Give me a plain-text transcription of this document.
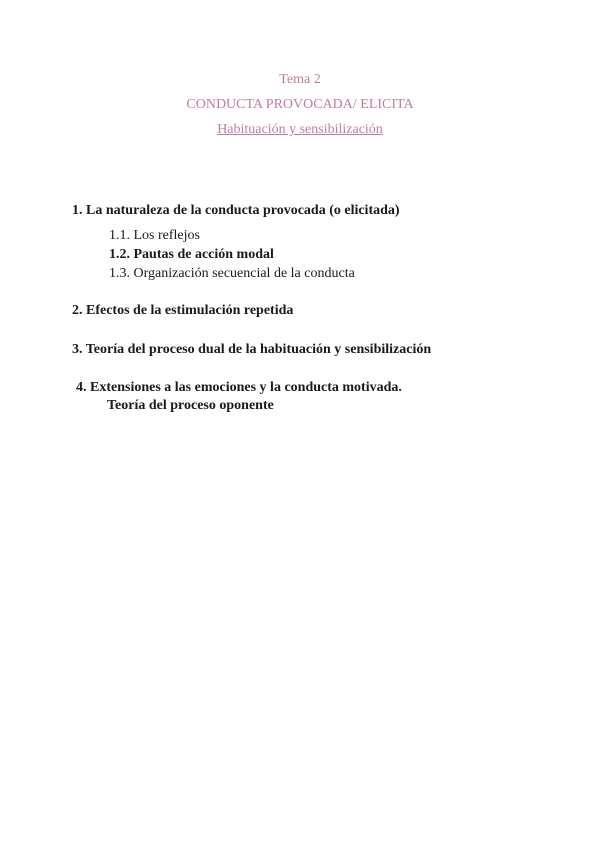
Tema 2
CONDUCTA PROVOCADA/ ELICITA
Habituación y sensibilización
1. La naturaleza de la conducta provocada (o elicitada)
1.1. Los reflejos
1.2. Pautas de acción modal
1.3. Organización secuencial de la conducta
2. Efectos de la estimulación repetida
3. Teoría del proceso dual de la habituación y sensibilización
4. Extensiones a las emociones y la conducta motivada.
Teoría del proceso oponente
